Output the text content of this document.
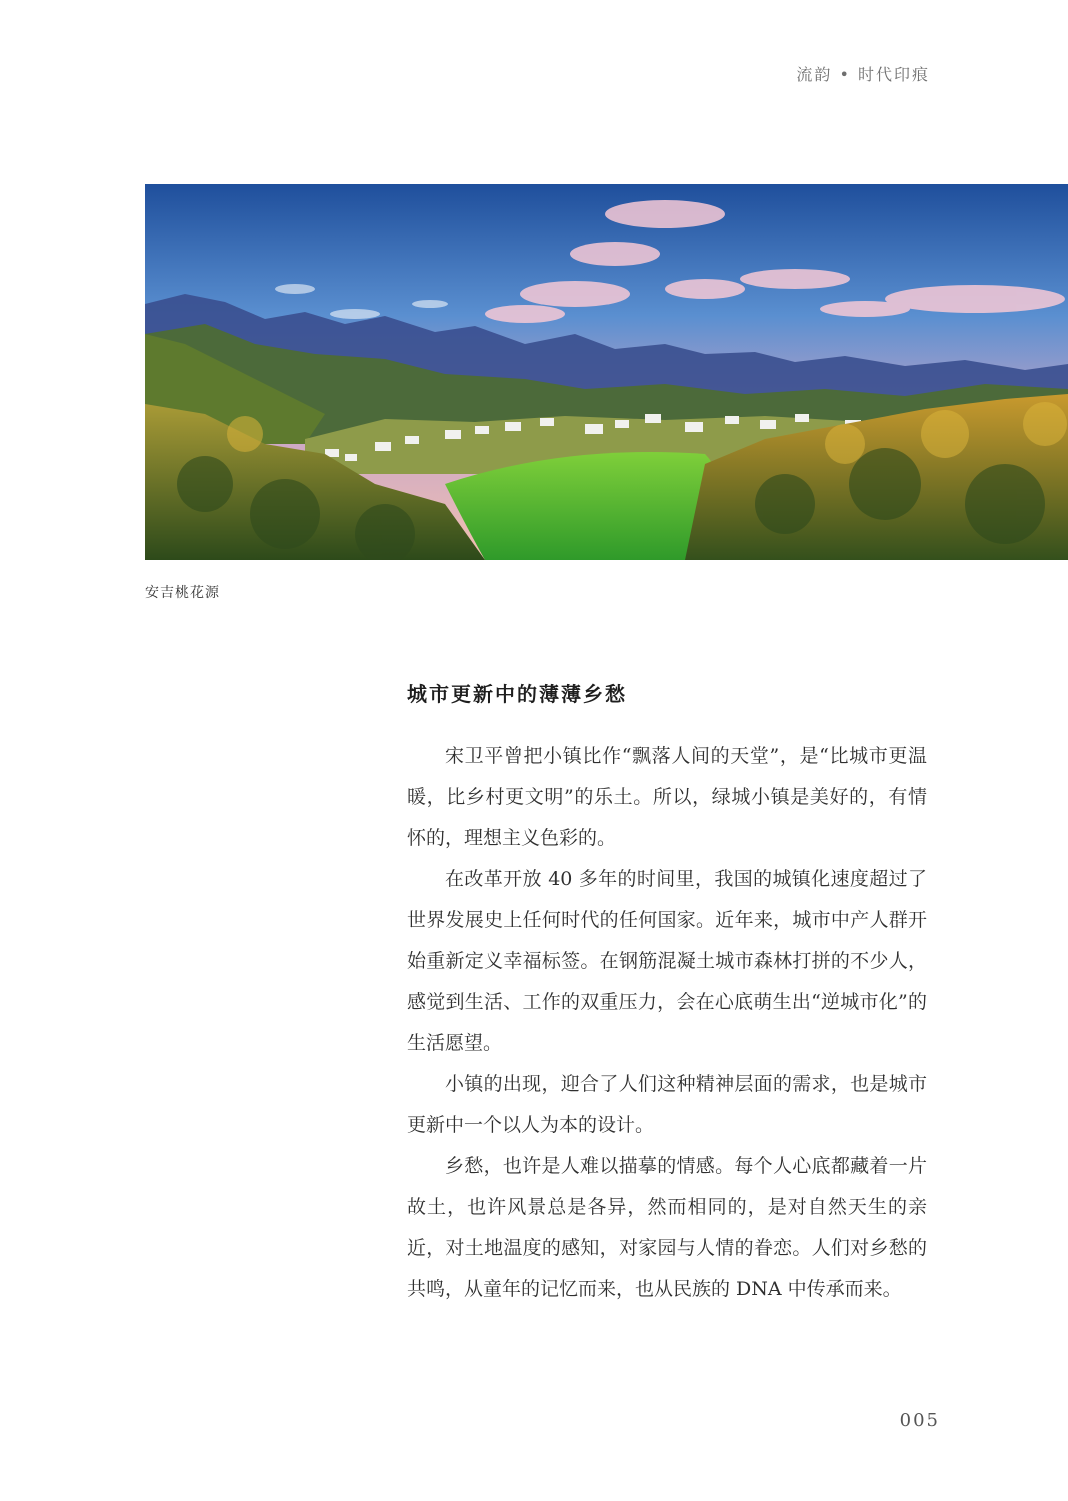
流韵 • 时代印痕
安吉桃花源
城市更新中的薄薄乡愁

宋卫平曾把小镇比作“飘落人间的天堂”，是“比城市更温暖，比乡村更文明”的乐土。所以，绿城小镇是美好的，有情怀的，理想主义色彩的。

在改革开放 40 多年的时间里，我国的城镇化速度超过了世界发展史上任何时代的任何国家。近年来，城市中产人群开始重新定义幸福标签。在钢筋混凝土城市森林打拼的不少人，感觉到生活、工作的双重压力，会在心底萌生出“逆城市化”的生活愿望。

小镇的出现，迎合了人们这种精神层面的需求，也是城市更新中一个以人为本的设计。

乡愁，也许是人难以描摹的情感。每个人心底都藏着一片故土，也许风景总是各异，然而相同的，是对自然天生的亲近，对土地温度的感知，对家园与人情的眷恋。人们对乡愁的共鸣，从童年的记忆而来，也从民族的 DNA 中传承而来。

005
